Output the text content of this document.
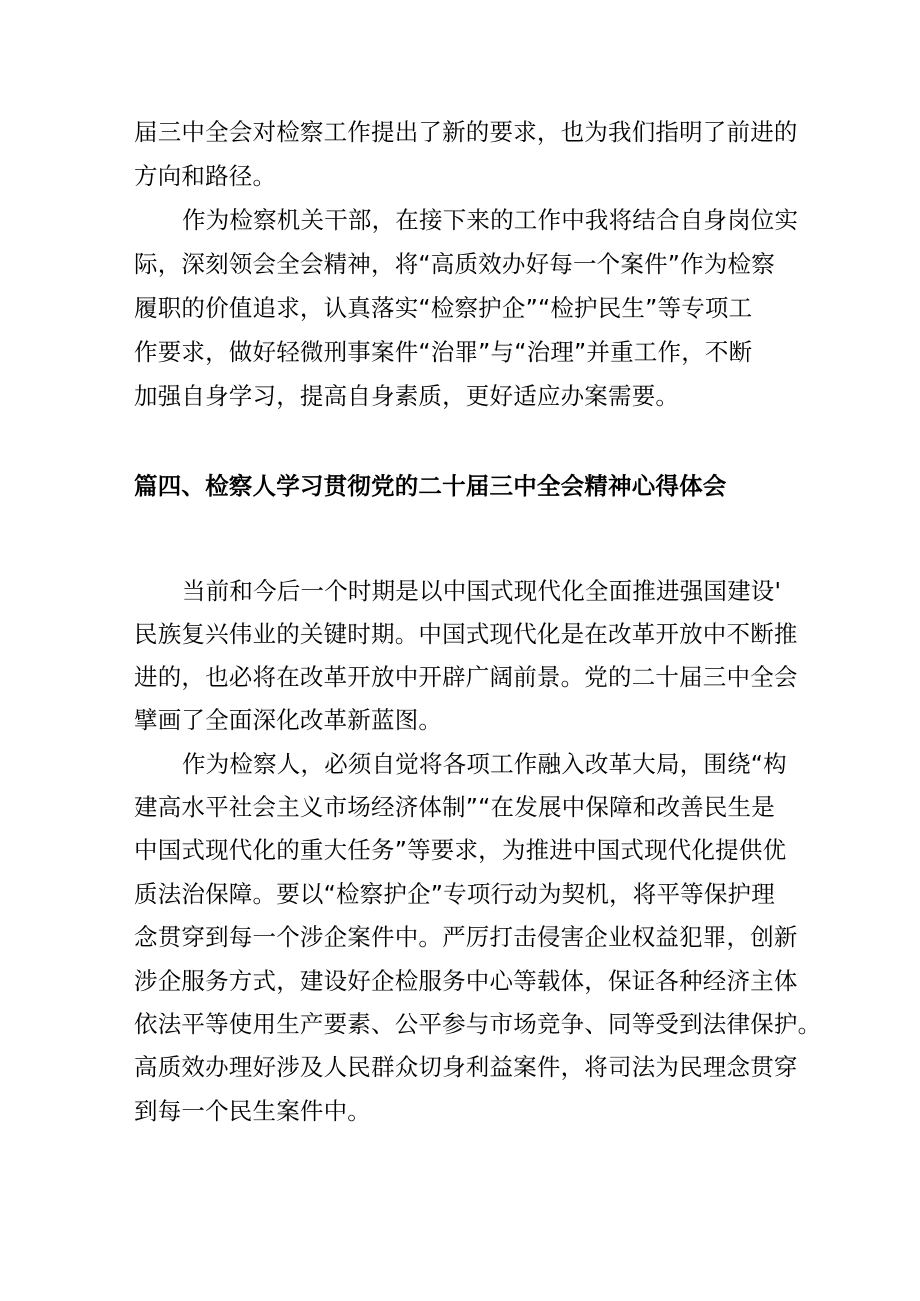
届三中全会对检察工作提出了新的要求，也为我们指明了前进的
方向和路径。
作为检察机关干部，在接下来的工作中我将结合自身岗位实
际，深刻领会全会精神，将“高质效办好每一个案件”作为检察
履职的价值追求，认真落实“检察护企”“检护民生”等专项工
作要求，做好轻微刑事案件“治罪”与“治理”并重工作，不断
加强自身学习，提高自身素质，更好适应办案需要。
篇四、检察人学习贯彻党的二十届三中全会精神心得体会
当前和今后一个时期是以中国式现代化全面推进强国建设'
民族复兴伟业的关键时期。中国式现代化是在改革开放中不断推
进的，也必将在改革开放中开辟广阔前景。党的二十届三中全会
擘画了全面深化改革新蓝图。
作为检察人，必须自觉将各项工作融入改革大局，围绕“构
建高水平社会主义市场经济体制”“在发展中保障和改善民生是
中国式现代化的重大任务”等要求，为推进中国式现代化提供优
质法治保障。要以“检察护企”专项行动为契机，将平等保护理
念贯穿到每一个涉企案件中。严厉打击侵害企业权益犯罪，创新
涉企服务方式，建设好企检服务中心等载体，保证各种经济主体
依法平等使用生产要素、公平参与市场竞争、同等受到法律保护。
高质效办理好涉及人民群众切身利益案件，将司法为民理念贯穿
到每一个民生案件中。
